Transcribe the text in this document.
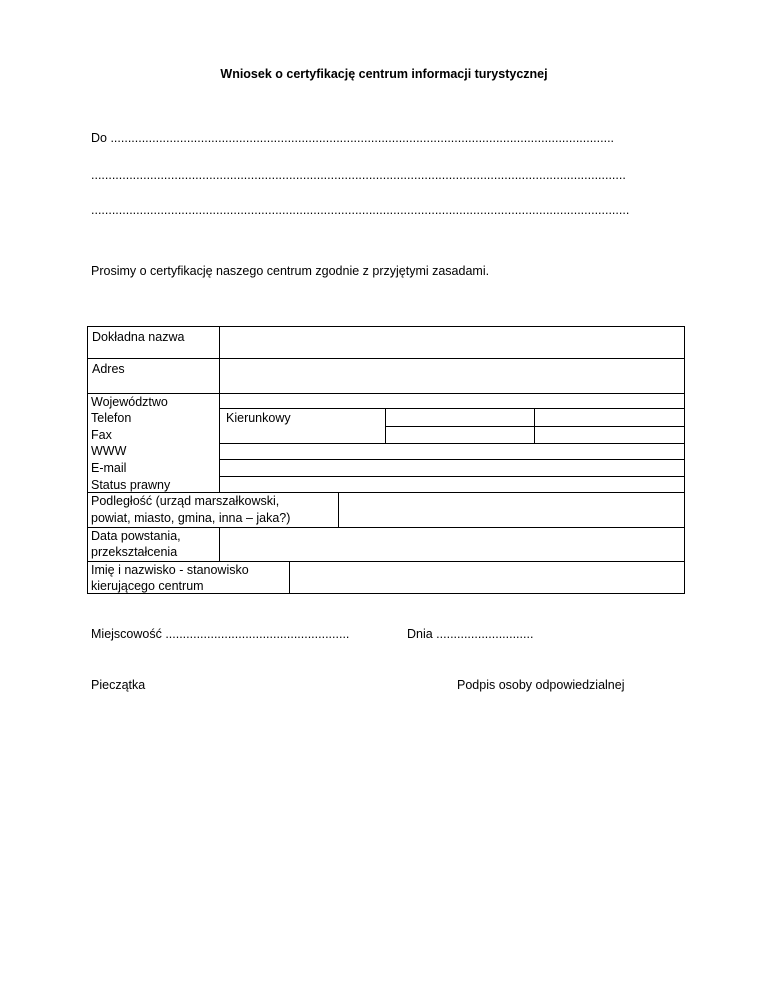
Wniosek o certyfikację centrum informacji turystycznej
Do .................................................................................................................................................
..........................................................................................................................................................
...........................................................................................................................................................
Prosimy o certyfikację naszego centrum zgodnie z przyjętymi zasadami.
Dokładna nazwa
Adres
Województwo
Telefon	Kierunkowy
Fax
WWW
E-mail
Status prawny
Podległość (urząd marszałkowski,
powiat, miasto, gmina, inna – jaka?)
Data powstania,
przekształcenia
Imię i nazwisko - stanowisko
kierującego centrum
Miejscowość .....................................................	Dnia ............................
Pieczątka	Podpis osoby odpowiedzialnej
